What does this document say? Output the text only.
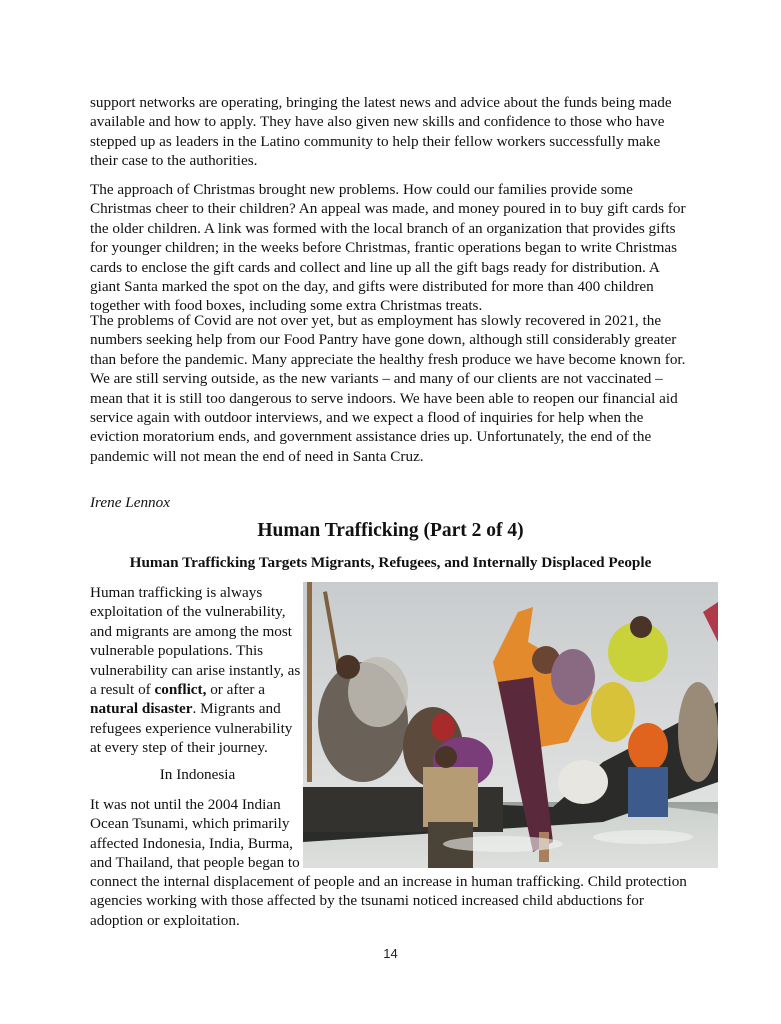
support networks are operating, bringing the latest news and advice about the funds being made available and how to apply. They have also given new skills and confidence to those who have stepped up as leaders in the Latino community to help their fellow workers successfully make their case to the authorities.

The approach of Christmas brought new problems. How could our families provide some Christmas cheer to their children? An appeal was made, and money poured in to buy gift cards for the older children. A link was formed with the local branch of an organization that provides gifts for younger children; in the weeks before Christmas, frantic operations began to write Christmas cards to enclose the gift cards and collect and line up all the gift bags ready for distribution. A giant Santa marked the spot on the day, and gifts were distributed for more than 400 children together with food boxes, including some extra Christmas treats.

The problems of Covid are not over yet, but as employment has slowly recovered in 2021, the numbers seeking help from our Food Pantry have gone down, although still considerably greater than before the pandemic. Many appreciate the healthy fresh produce we have become known for. We are still serving outside, as the new variants – and many of our clients are not vaccinated – mean that it is still too dangerous to serve indoors. We have been able to reopen our financial aid service again with outdoor interviews, and we expect a flood of inquiries for help when the eviction moratorium ends, and government assistance dries up. Unfortunately, the end of the pandemic will not mean the end of need in Santa Cruz.

Irene Lennox

Human Trafficking (Part 2 of 4)
Human Trafficking Targets Migrants, Refugees, and Internally Displaced People

Human trafficking is always exploitation of the vulnerability, and migrants are among the most vulnerable populations. This vulnerability can arise instantly, as a result of conflict, or after a natural disaster. Migrants and refugees experience vulnerability at every step of their journey.

In Indonesia

It was not until the 2004 Indian Ocean Tsunami, which primarily affected Indonesia, India, Burma, and Thailand, that people began to

connect the internal displacement of people and an increase in human trafficking. Child protection agencies working with those affected by the tsunami noticed increased child abductions for adoption or exploitation.

14
